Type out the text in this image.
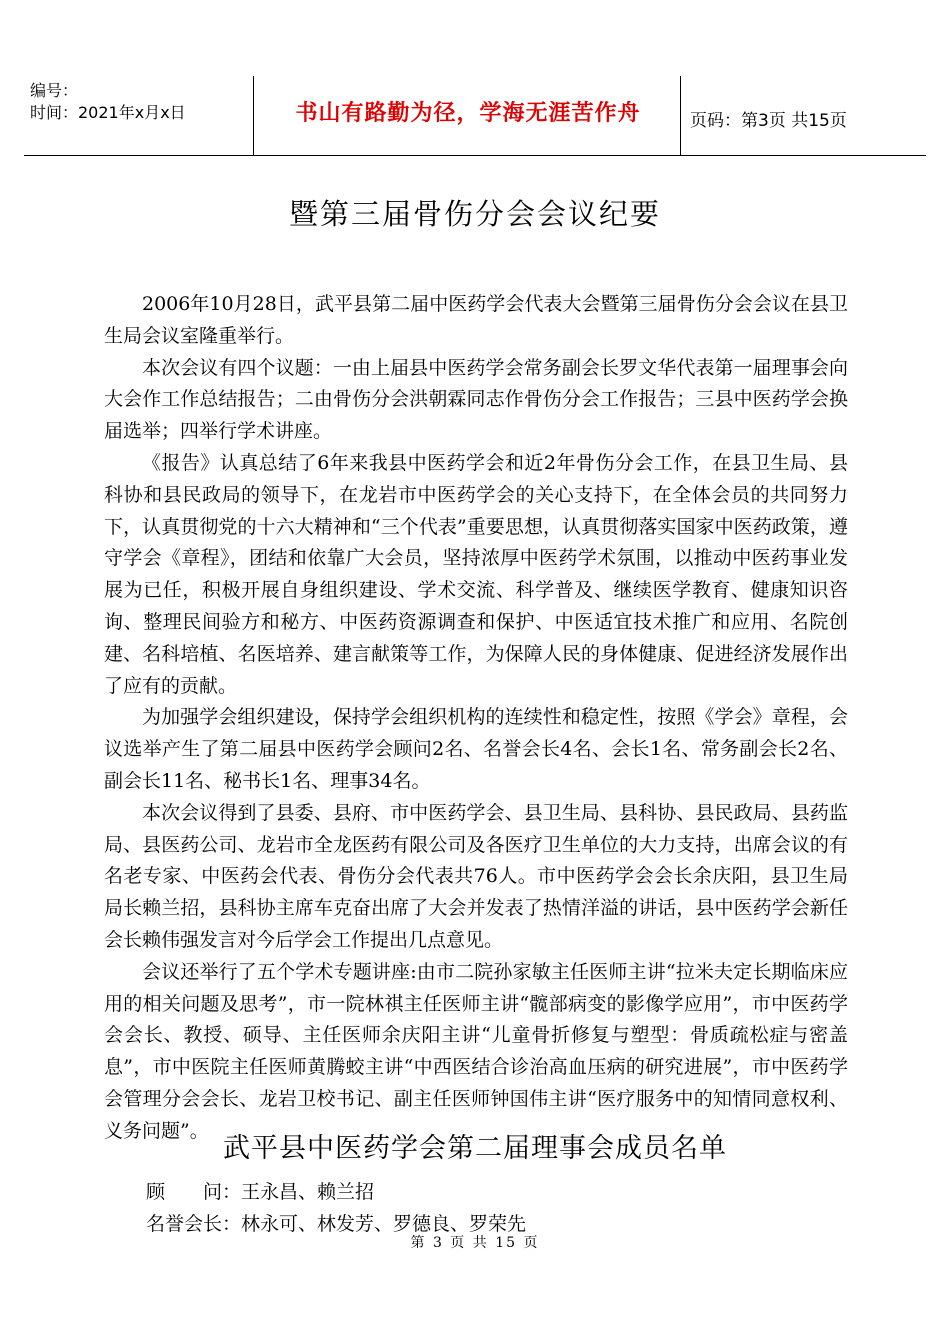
编号：
时间：2021年x月x日	书山有路勤为径，学海无涯苦作舟	页码：第3页 共15页
暨第三届骨伤分会会议纪要

2006年10月28日，武平县第二届中医药学会代表大会暨第三届骨伤分会会议在县卫生局会议室隆重举行。

本次会议有四个议题：一由上届县中医药学会常务副会长罗文华代表第一届理事会向大会作工作总结报告；二由骨伤分会洪朝霖同志作骨伤分会工作报告；三县中医药学会换届选举；四举行学术讲座。

《报告》认真总结了6年来我县中医药学会和近2年骨伤分会工作，在县卫生局、县科协和县民政局的领导下，在龙岩市中医药学会的关心支持下，在全体会员的共同努力下，认真贯彻党的十六大精神和“三个代表”重要思想，认真贯彻落实国家中医药政策，遵守学会《章程》，团结和依靠广大会员，坚持浓厚中医药学术氛围，以推动中医药事业发展为已任，积极开展自身组织建设、学术交流、科学普及、继续医学教育、健康知识咨询、整理民间验方和秘方、中医药资源调查和保护、中医适宜技术推广和应用、名院创建、名科培植、名医培养、建言献策等工作，为保障人民的身体健康、促进经济发展作出了应有的贡献。

为加强学会组织建设，保持学会组织机构的连续性和稳定性，按照《学会》章程，会议选举产生了第二届县中医药学会顾问2名、名誉会长4名、会长1名、常务副会长2名、副会长11名、秘书长1名、理事34名。

本次会议得到了县委、县府、市中医药学会、县卫生局、县科协、县民政局、县药监局、县医药公司、龙岩市全龙医药有限公司及各医疗卫生单位的大力支持，出席会议的有名老专家、中医药会代表、骨伤分会代表共76人。市中医药学会会长余庆阳，县卫生局局长赖兰招，县科协主席车克奋出席了大会并发表了热情洋溢的讲话，县中医药学会新任会长赖伟强发言对今后学会工作提出几点意见。

会议还举行了五个学术专题讲座:由市二院孙家敏主任医师主讲“拉米夫定长期临床应用的相关问题及思考”，市一院林祺主任医师主讲“髋部病变的影像学应用”，市中医药学会会长、教授、硕导、主任医师余庆阳主讲“儿童骨折修复与塑型：骨质疏松症与密盖息”，市中医院主任医师黄腾蛟主讲“中西医结合诊治高血压病的研究进展”，市中医药学会管理分会会长、龙岩卫校书记、副主任医师钟国伟主讲“医疗服务中的知情同意权利、义务问题”。

武平县中医药学会第二届理事会成员名单
顾　　问：王永昌、赖兰招
名誉会长：林永可、林发芳、罗德良、罗荣先
第 3 页 共 15 页
